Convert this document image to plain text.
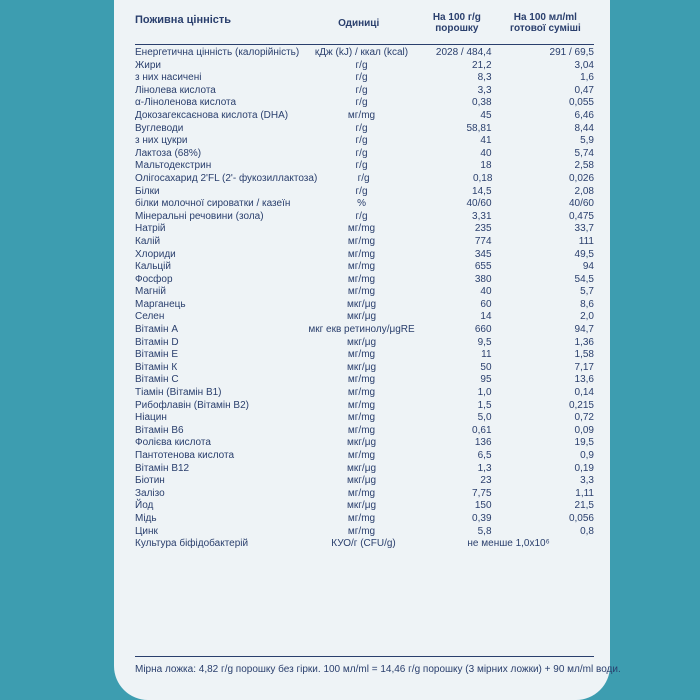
Поживна цінність	Одиниці
На 100 г/g
порошку
На 100 мл/ml
готової суміші
Енергетична цінність (калорійність)	кДж (kJ) / ккал (kcal)	2028 / 484,4	291 / 69,5
Жири	г/g	21,2	3,04
з них насичені	г/g	8,3	1,6
Лінолева кислота	г/g	3,3	0,47
α-Ліноленова кислота	г/g	0,38	0,055
Докозагексаєнова кислота (DHA)	мг/mg	45	6,46
Вуглеводи	г/g	58,81	8,44
з них цукри	г/g	41	5,9
Лактоза (68%)	г/g	40	5,74
Мальтодекстрин	г/g	18	2,58
Олігосахарид 2'FL (2'- фукозиллактоза)	г/g	0,18	0,026
Білки	г/g	14,5	2,08
білки молочної сироватки / казеїн	%	40/60	40/60
Мінеральні речовини (зола)	г/g	3,31	0,475
Натрій	мг/mg	235	33,7
Калій	мг/mg	774	111
Хлориди	мг/mg	345	49,5
Кальцій	мг/mg	655	94
Фосфор	мг/mg	380	54,5
Магній	мг/mg	40	5,7
Марганець	мкг/μg	60	8,6
Селен	мкг/μg	14	2,0
Вітамін А	мкг екв ретинолу/μgRE	660	94,7
Вітамін D	мкг/μg	9,5	1,36
Вітамін Е	мг/mg	11	1,58
Вітамін К	мкг/μg	50	7,17
Вітамін С	мг/mg	95	13,6
Тіамін (Вітамін В1)	мг/mg	1,0	0,14
Рибофлавін (Вітамін В2)	мг/mg	1,5	0,215
Ніацин	мг/mg	5,0	0,72
Вітамін В6	мг/mg	0,61	0,09
Фолієва кислота	мкг/μg	136	19,5
Пантотенова кислота	мг/mg	6,5	0,9
Вітамін В12	мкг/μg	1,3	0,19
Біотин	мкг/μg	23	3,3
Залізо	мг/mg	7,75	1,11
Йод	мкг/μg	150	21,5
Мідь	мг/mg	0,39	0,056
Цинк	мг/mg	5,8	0,8
Культура біфідобактерій	КУО/г (CFU/g)	не менше 1,0х10⁶
Мірна ложка: 4,82 г/g порошку без гірки. 100 мл/ml = 14,46 г/g порошку (3 мірних ложки) + 90 мл/ml води.
